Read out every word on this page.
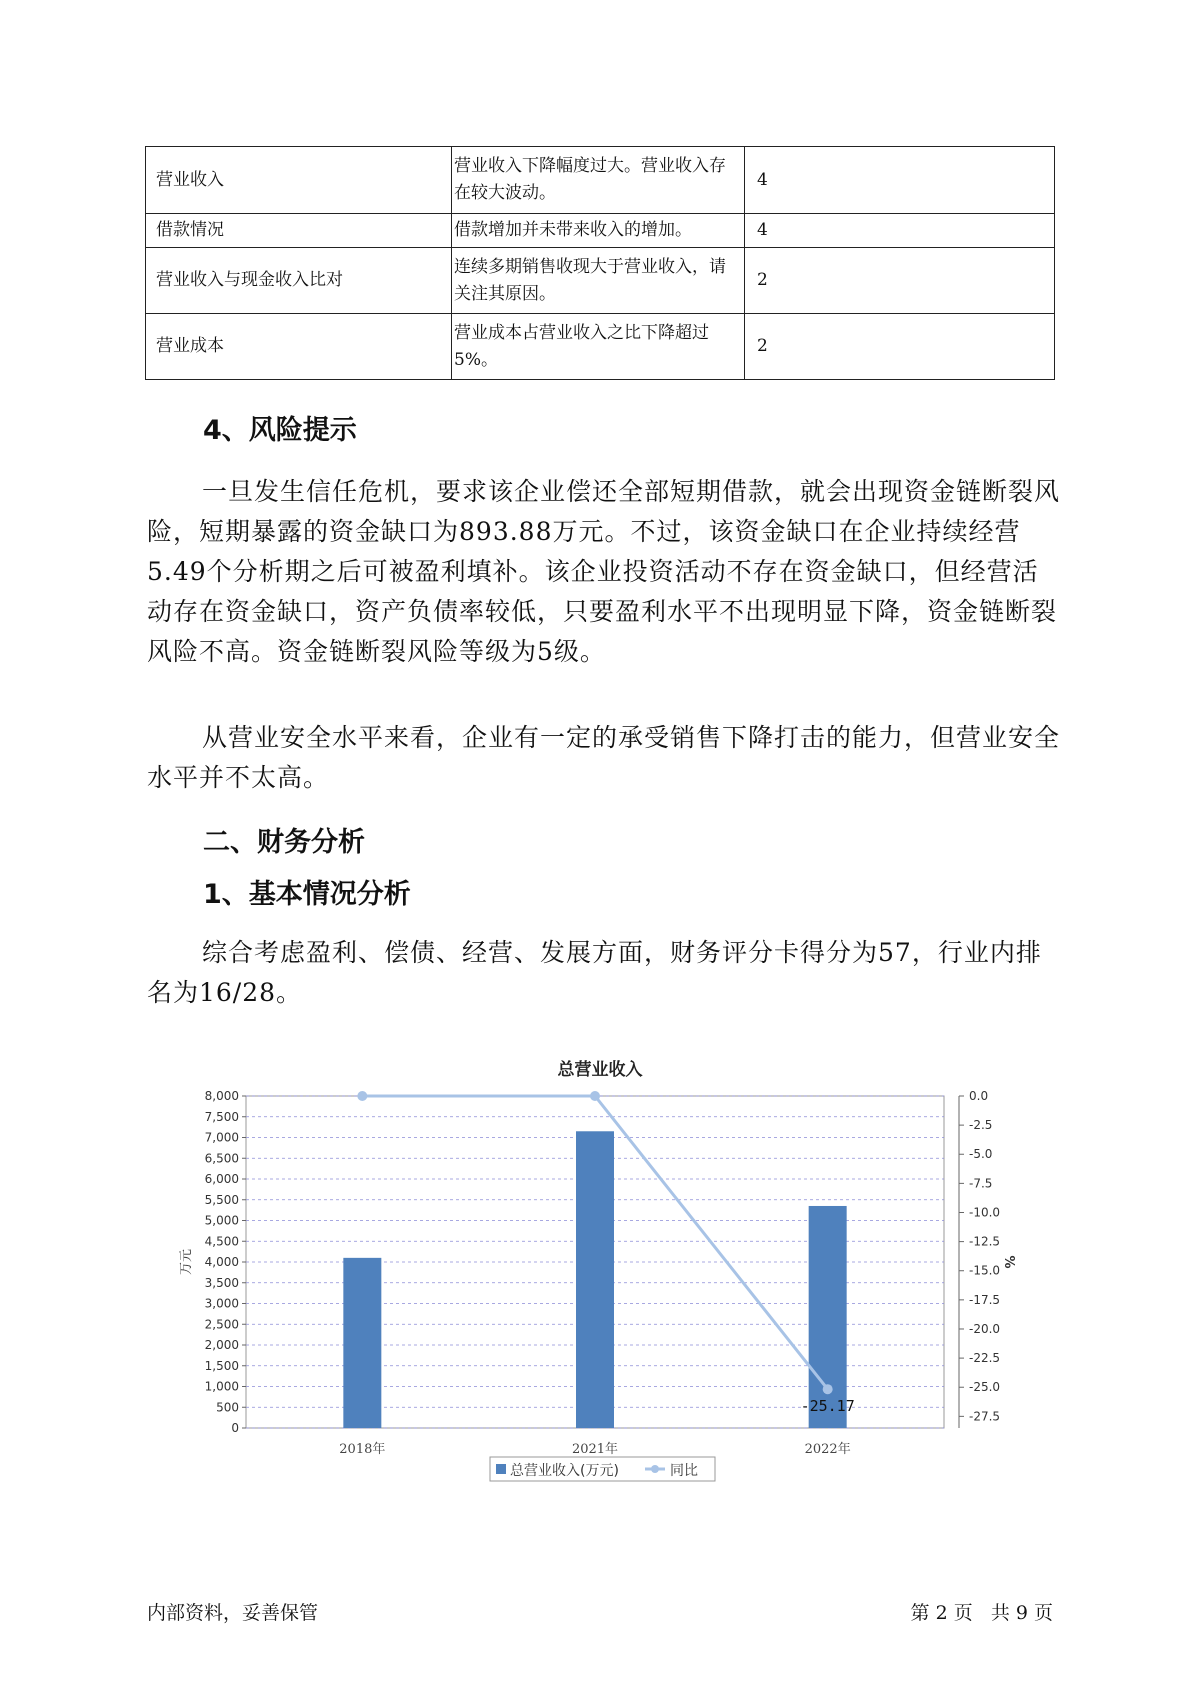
营业收入	营业收入下降幅度过大。营业收入存在较大波动。	4
借款情况	借款增加并未带来收入的增加。	4
营业收入与现金收入比对	连续多期销售收现大于营业收入，请关注其原因。	2
营业成本	营业成本占营业收入之比下降超过5%。	2
4、风险提示

一旦发生信任危机，要求该企业偿还全部短期借款，就会出现资金链断裂风险，短期暴露的资金缺口为893.88万元。不过，该资金缺口在企业持续经营 5.49个分析期之后可被盈利填补。该企业投资活动不存在资金缺口，但经营活动存在资金缺口，资产负债率较低，只要盈利水平不出现明显下降，资金链断裂风险不高。资金链断裂风险等级为5级。

从营业安全水平来看，企业有一定的承受销售下降打击的能力，但营业安全水平并不太高。

二、财务分析
1、基本情况分析

综合考虑盈利、偿债、经营、发展方面，财务评分卡得分为57，行业内排名为16/28。

总营业收入
0
500
1,000
1,500
2,000
2,500
3,000
3,500
4,000
4,500
5,000
5,500
6,000
6,500
7,000
7,500
8,000	0.0
-2.5
-5.0
-7.5
-10.0
-12.5
-15.0
-17.5
-20.0
-22.5
-25.0
-27.5
万元	%
2018年	2021年	2022年
-25.17
总营业收入(万元)	同比
内部资料，妥善保管	第 2 页   共 9 页
